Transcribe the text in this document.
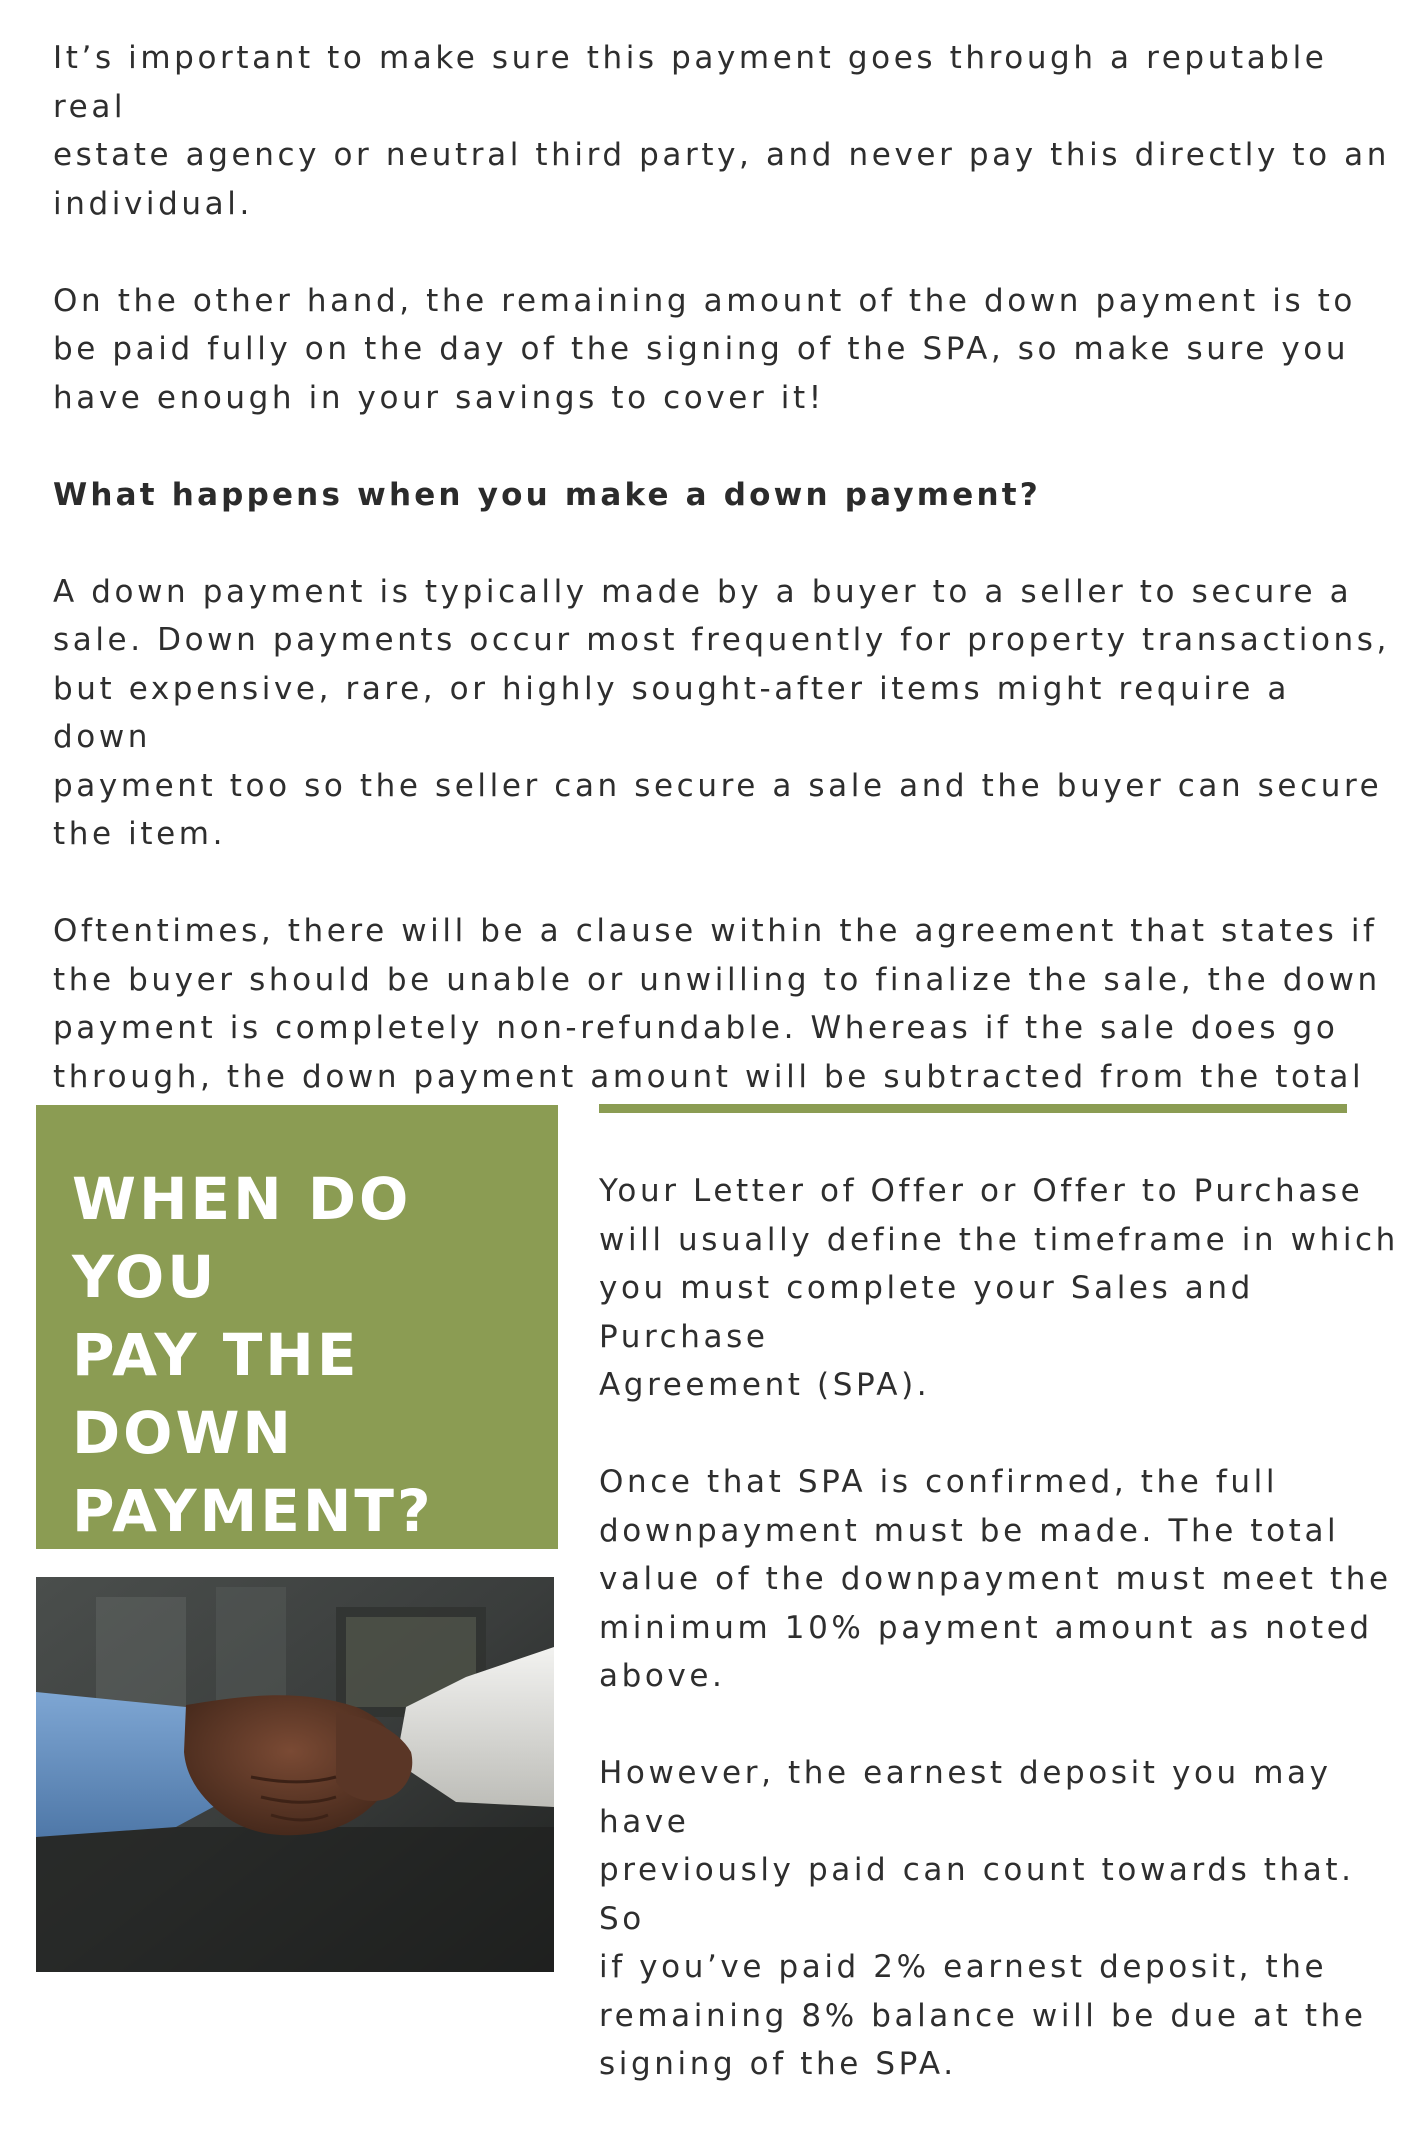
It’s important to make sure this payment goes through a reputable real
estate agency or neutral third party, and never pay this directly to an
individual.

On the other hand, the remaining amount of the down payment is to
be paid fully on the day of the signing of the SPA, so make sure you
have enough in your savings to cover it!

What happens when you make a down payment?

A down payment is typically made by a buyer to a seller to secure a
sale. Down payments occur most frequently for property transactions,
but expensive, rare, or highly sought-after items might require a down
payment too so the seller can secure a sale and the buyer can secure
the item.

Oftentimes, there will be a clause within the agreement that states if
the buyer should be unable or unwilling to finalize the sale, the down
payment is completely non-refundable. Whereas if the sale does go
through, the down payment amount will be subtracted from the total

WHEN DO YOU
PAY THE
DOWN
PAYMENT?

Your Letter of Offer or Offer to Purchase
will usually define the timeframe in which
you must complete your Sales and Purchase
Agreement (SPA).

Once that SPA is confirmed, the full
downpayment must be made. The total
value of the downpayment must meet the
minimum 10% payment amount as noted
above.

However, the earnest deposit you may have
previously paid can count towards that. So
if you’ve paid 2% earnest deposit, the
remaining 8% balance will be due at the
signing of the SPA.
